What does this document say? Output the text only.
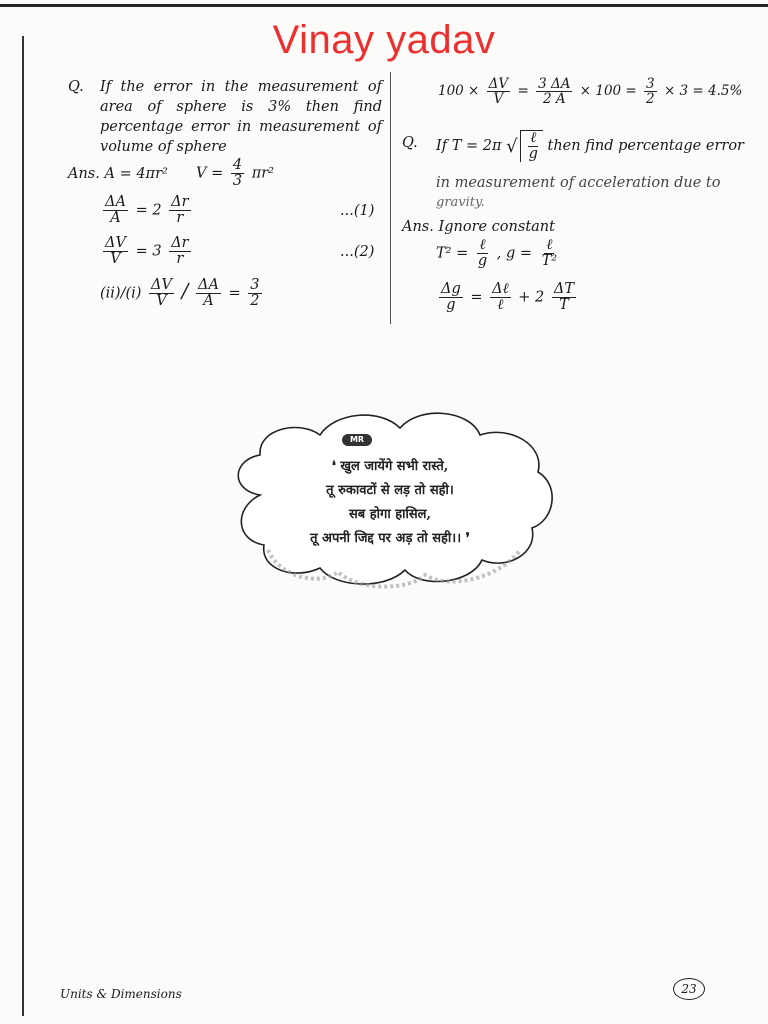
Vinay yadav
Q. If the error in the measurement of area of sphere is 3% then find percentage error in measurement of volume of sphere
Ans. A = 4πr² $V = \frac{4}{3} \pi r^2$
$\frac{\Delta A}{A} = 2 \frac{\Delta r}{r}$	...(1)
$\frac{\Delta V}{V} = 3 \frac{\Delta r}{r}$	...(2)
$(ii)/(i) \frac{\Delta V}{V} / \frac{\Delta A}{A} = \frac{3}{2}$
$100 \times \frac{\Delta V}{V} = \frac{3 \Delta A}{2 A} \times 100 = \frac{3}{2} \times 3 = 4.5\%$
Q. If T = 2π √ $\frac{\text{ℓ}}{g}$ then find percentage error
in measurement of acceleration due to
gravity.
Ans. Ignore constant
$T^2 = \frac{\text{ℓ}}{g}$ , $g = \frac{\text{ℓ}}{\text{T²}}$
$\frac{\Delta g}{g} = \frac{\text{Δℓ}}{\text{ℓ}} + 2 \frac{\Delta T}{T}$
MR
❛ खुल जायेंगे सभी रास्ते,
तू रुकावटों से लड़ तो सही।
सब होगा हासिल,
तू अपनी जिद्द पर अड़ तो सही।। ❜
Units & Dimensions	23
